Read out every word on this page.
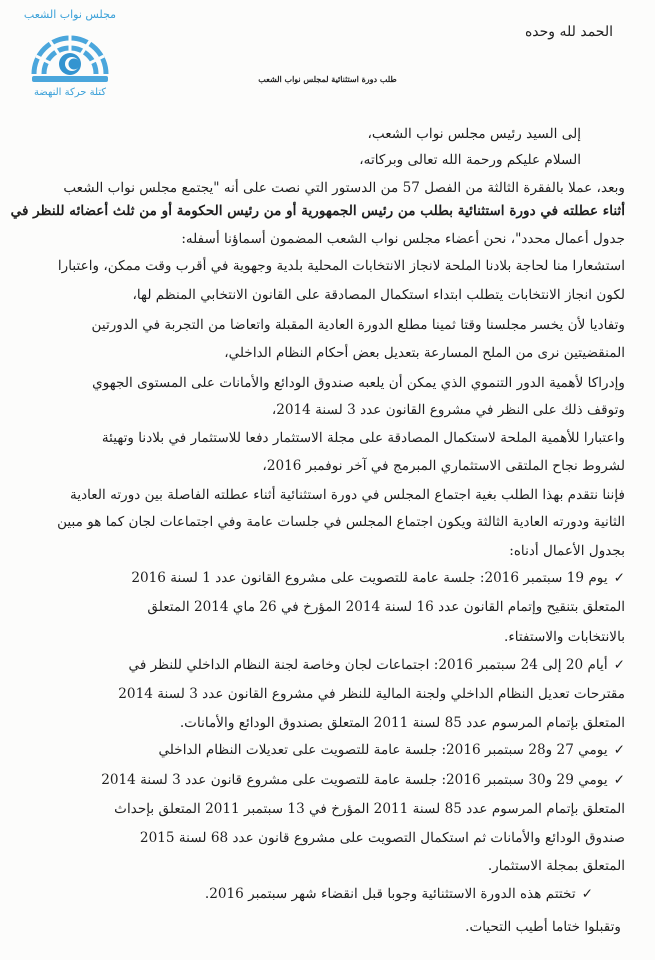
مجلس نواب الشعب
كتلة حركة النهضة
الحمد لله وحده
طلب دورة استثنائية لمجلس نواب الشعب
إلى السيد رئيس مجلس نواب الشعب،
السلام عليكم ورحمة الله تعالى وبركاته،
وبعد، عملا بالفقرة الثالثة من الفصل 57 من الدستور التي نصت على أنه "يجتمع مجلس نواب الشعب
أثناء عطلته في دورة استثنائية بطلب من رئيس الجمهورية أو من رئيس الحكومة أو من ثلث أعضائه للنظر في
جدول أعمال محدد"، نحن أعضاء مجلس نواب الشعب المضمون أسماؤنا أسفله:
استشعارا منا لحاجة بلادنا الملحة لانجاز الانتخابات المحلية بلدية وجهوية في أقرب وقت ممكن، واعتبارا
لكون انجاز الانتخابات يتطلب ابتداء استكمال المصادقة على القانون الانتخابي المنظم لها،
وتفاديا لأن يخسر مجلسنا وقتا ثمينا مطلع الدورة العادية المقبلة واتعاضا من التجربة في الدورتين
المنقضيتين نرى من الملح المسارعة بتعديل بعض أحكام النظام الداخلي،
وإدراكا لأهمية الدور التنموي الذي يمكن أن يلعبه صندوق الودائع والأمانات على المستوى الجهوي
وتوقف ذلك على النظر في مشروع القانون عدد 3 لسنة 2014،
واعتبارا للأهمية الملحة لاستكمال المصادقة على مجلة الاستثمار دفعا للاستثمار في بلادنا وتهيئة
لشروط نجاح الملتقى الاستثماري المبرمج في آخر نوفمبر 2016،
فإننا نتقدم بهذا الطلب بغية اجتماع المجلس في دورة استثنائية أثناء عطلته الفاصلة بين دورته العادية
الثانية ودورته العادية الثالثة ويكون اجتماع المجلس في جلسات عامة وفي اجتماعات لجان كما هو مبين
بجدول الأعمال أدناه:
✓يوم 19 سبتمبر 2016: جلسة عامة للتصويت على مشروع القانون عدد 1 لسنة 2016
المتعلق بتنقيح وإتمام القانون عدد 16 لسنة 2014 المؤرخ في 26 ماي 2014 المتعلق
بالانتخابات والاستفتاء.
✓أيام 20 إلى 24 سبتمبر 2016: اجتماعات لجان وخاصة لجنة النظام الداخلي للنظر في
مقترحات تعديل النظام الداخلي ولجنة المالية للنظر في مشروع القانون عدد 3 لسنة 2014
المتعلق بإتمام المرسوم عدد 85 لسنة 2011 المتعلق بصندوق الودائع والأمانات.
✓يومي 27 و28 سبتمبر 2016: جلسة عامة للتصويت على تعديلات النظام الداخلي
✓يومي 29 و30 سبتمبر 2016: جلسة عامة للتصويت على مشروع قانون عدد 3 لسنة 2014
المتعلق بإتمام المرسوم عدد 85 لسنة 2011 المؤرخ في 13 سبتمبر 2011 المتعلق بإحداث
صندوق الودائع والأمانات ثم استكمال التصويت على مشروع قانون عدد 68 لسنة 2015
المتعلق بمجلة الاستثمار.
✓تختتم هذه الدورة الاستثنائية وجوبا قبل انقضاء شهر سبتمبر 2016.
وتقبلوا ختاما أطيب التحيات.
